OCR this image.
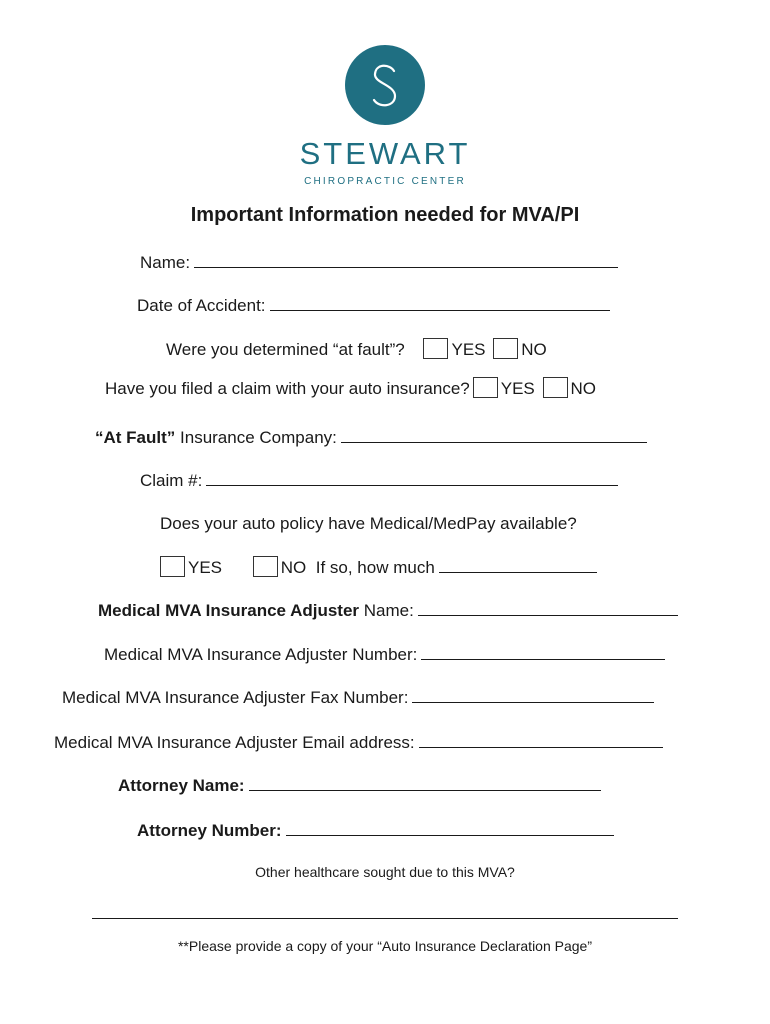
STEWART
CHIROPRACTIC CENTER
Important Information needed for MVA/PI
Name:
Date of Accident:
Were you determined “at fault”?	YES NO
Have you filed a claim with your auto insurance? YES NO
“At Fault” Insurance Company:
Claim #:
Does your auto policy have Medical/MedPay available?
YES	NO If so, how much
Medical MVA Insurance Adjuster Name:
Medical MVA Insurance Adjuster Number:
Medical MVA Insurance Adjuster Fax Number:
Medical MVA Insurance Adjuster Email address:
Attorney Name:
Attorney Number:
Other healthcare sought due to this MVA?
**Please provide a copy of your “Auto Insurance Declaration Page”
